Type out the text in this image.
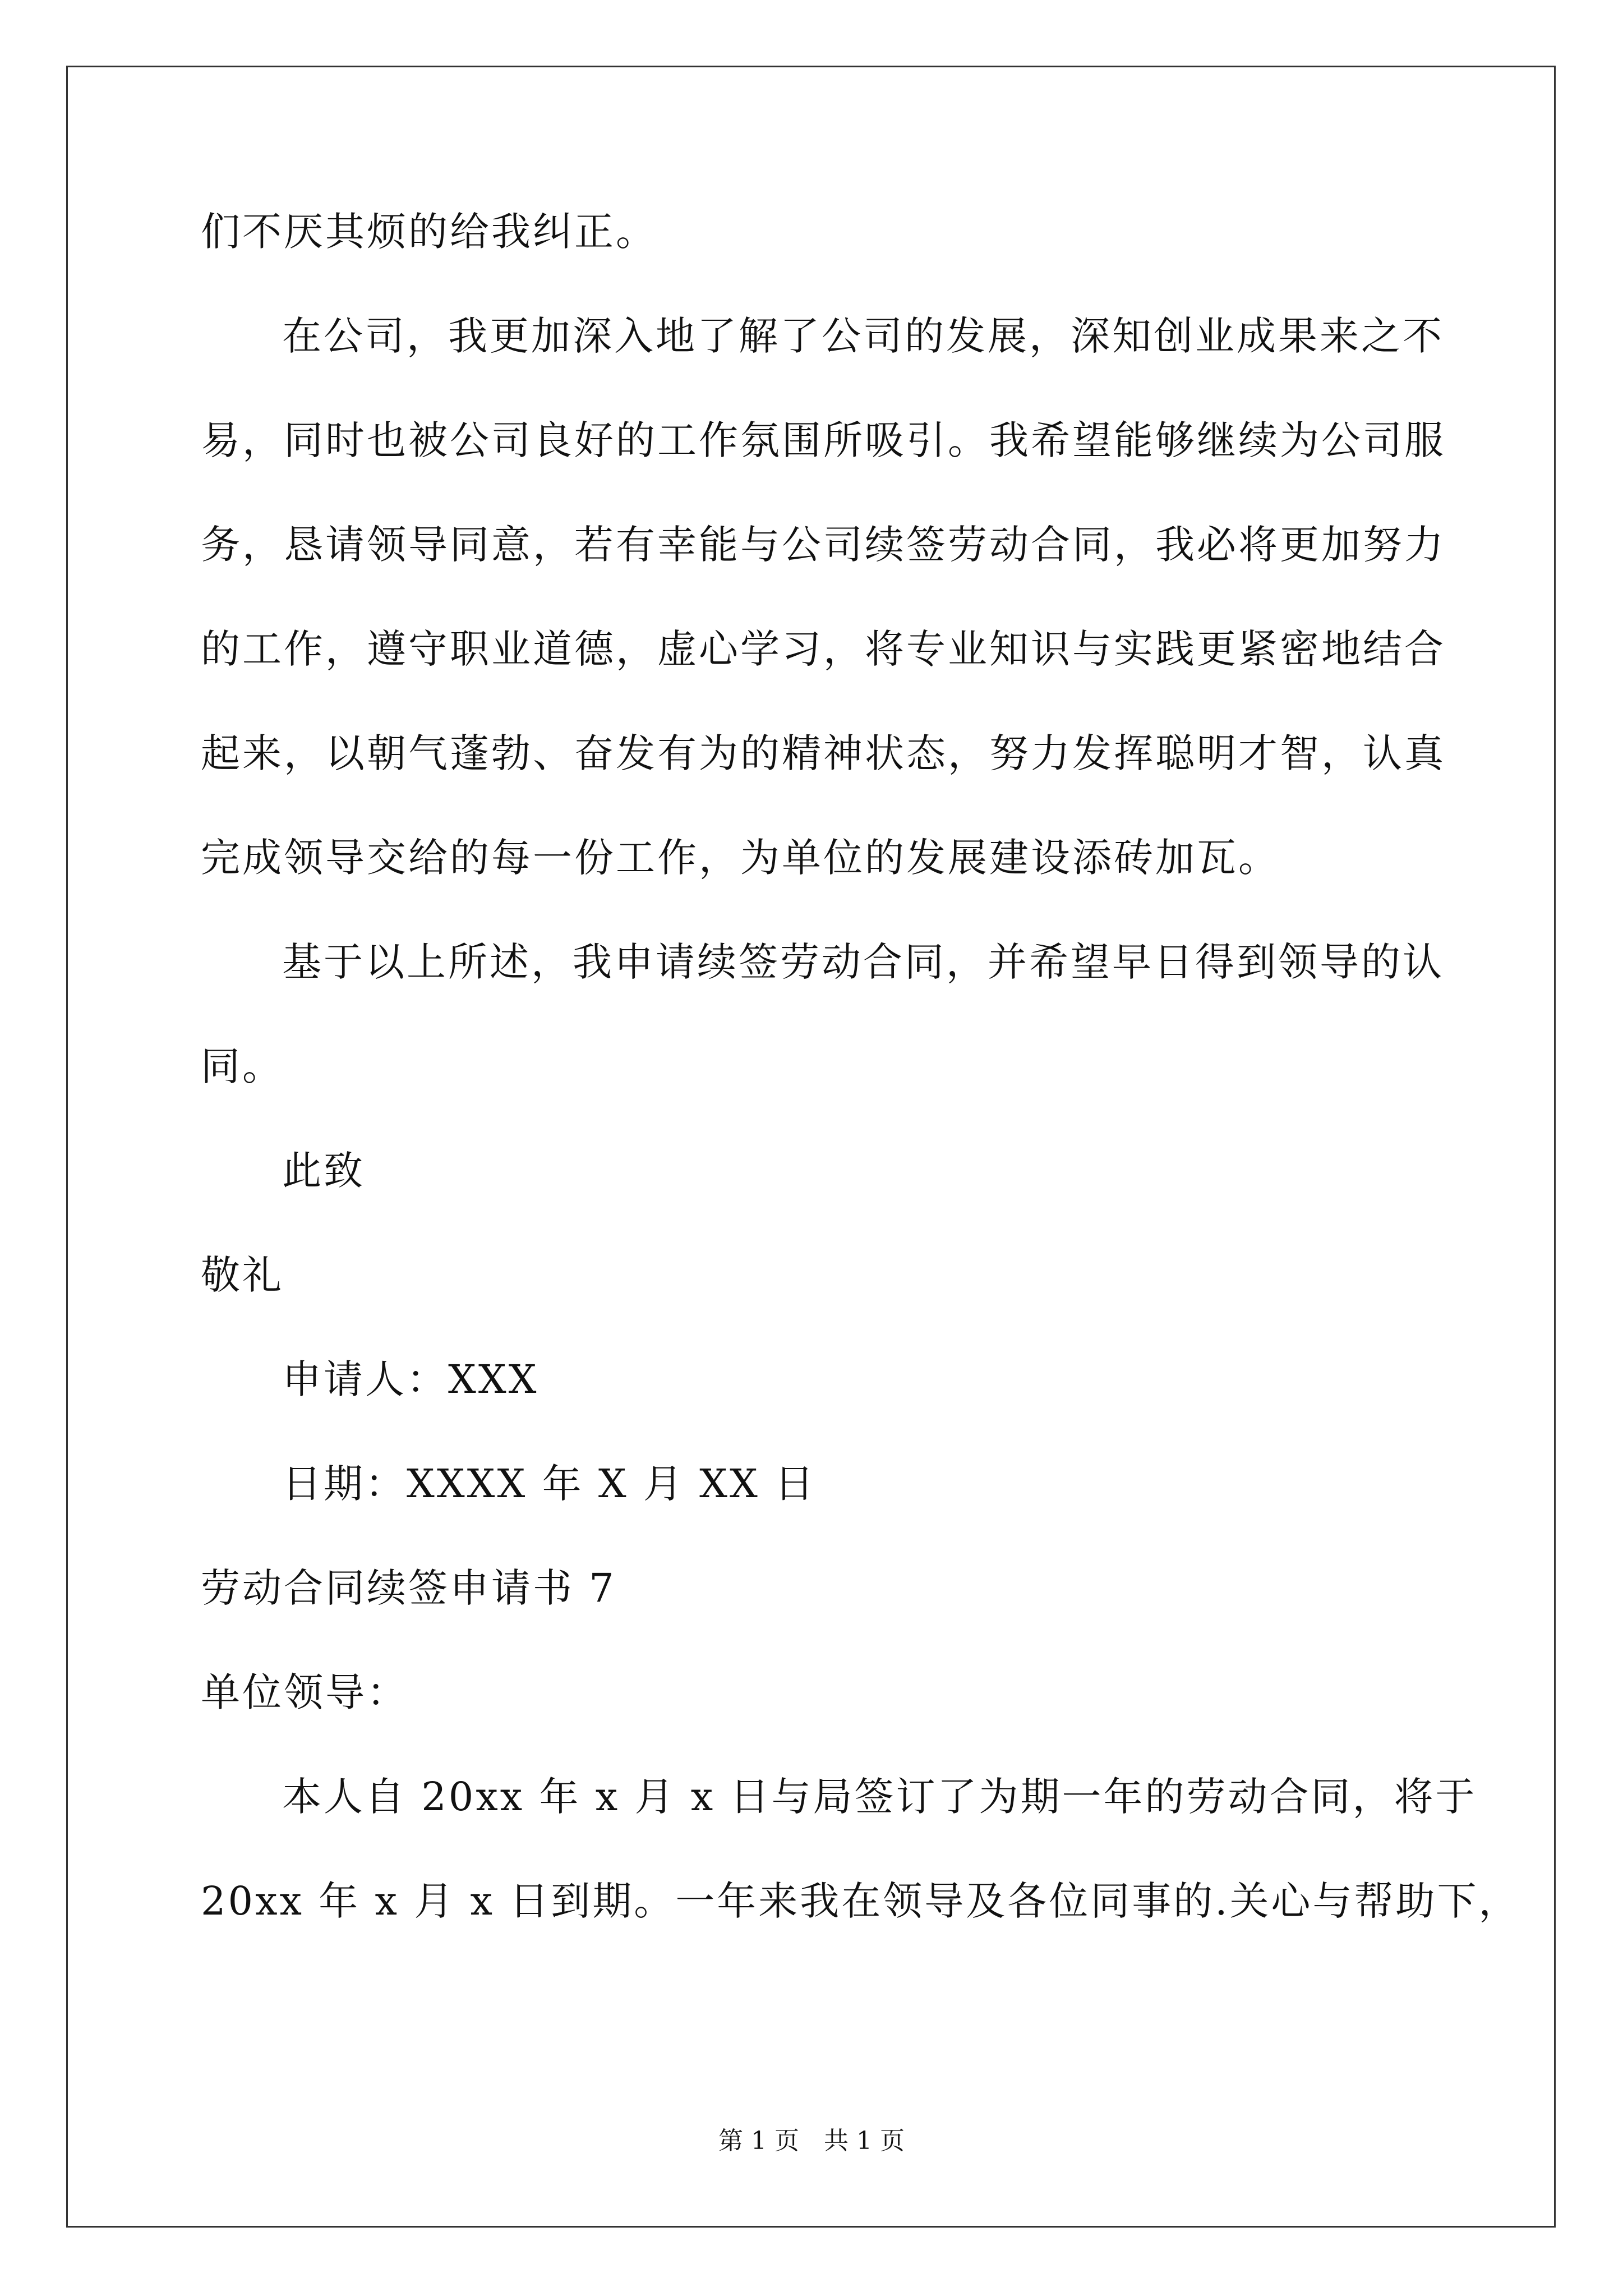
们不厌其烦的给我纠正。
在公司，我更加深入地了解了公司的发展，深知创业成果来之不
易，同时也被公司良好的工作氛围所吸引。我希望能够继续为公司服
务，恳请领导同意，若有幸能与公司续签劳动合同，我必将更加努力
的工作，遵守职业道德，虚心学习，将专业知识与实践更紧密地结合
起来，以朝气蓬勃、奋发有为的精神状态，努力发挥聪明才智，认真
完成领导交给的每一份工作，为单位的发展建设添砖加瓦。
基于以上所述，我申请续签劳动合同，并希望早日得到领导的认
同。
此致
敬礼
申请人：XXX
日期：XXXX 年 X 月 XX 日
劳动合同续签申请书 7
单位领导：
本人自 20xx 年 x 月 x 日与局签订了为期一年的劳动合同，将于
20xx 年 x 月 x 日到期。一年来我在领导及各位同事的.关心与帮助下，
第 1 页　共 1 页
